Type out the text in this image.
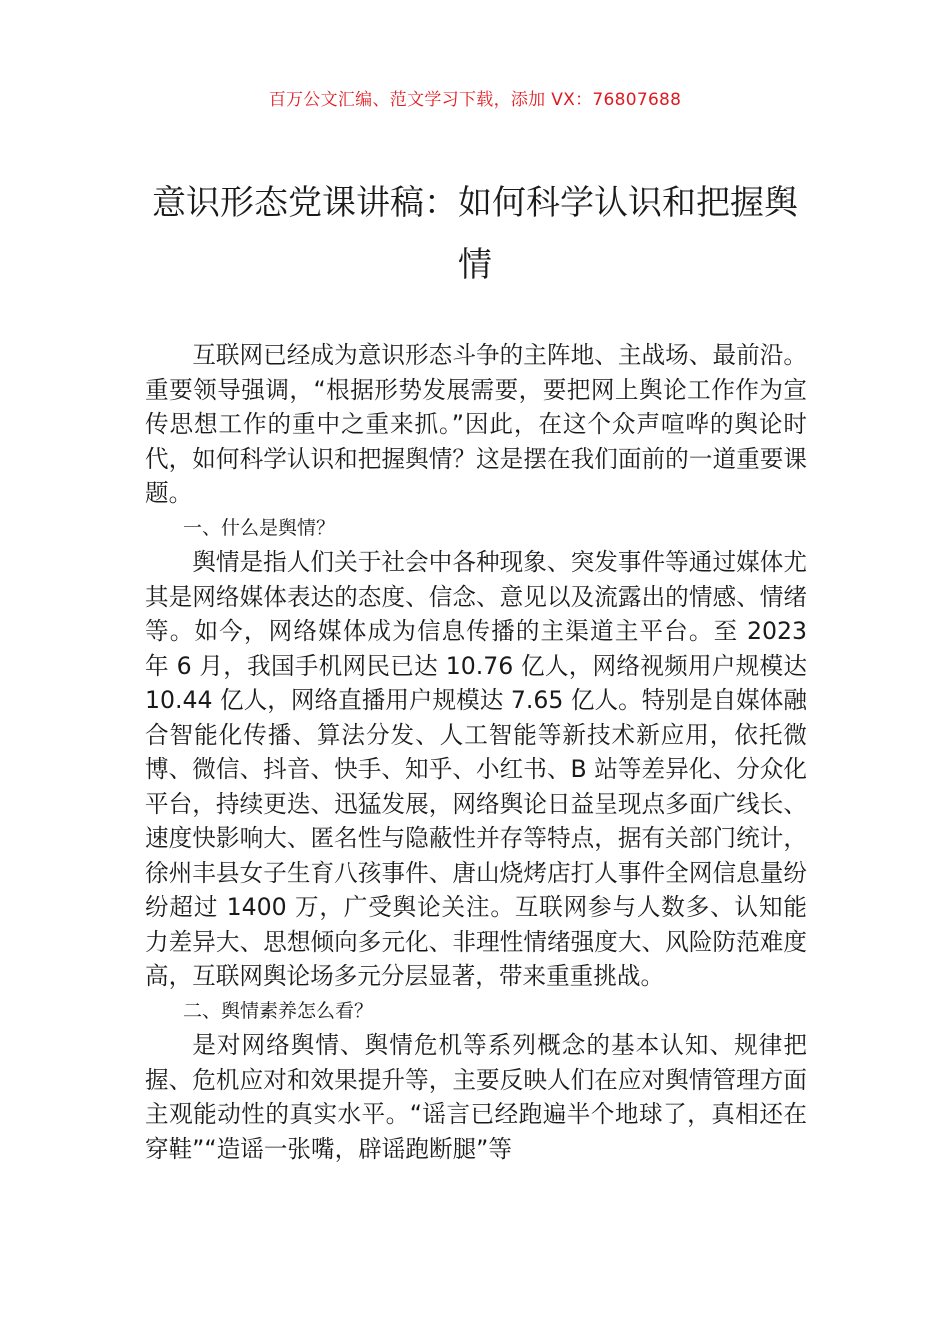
百万公文汇编、范文学习下载，添加 VX：76807688
意识形态党课讲稿：如何科学认识和把握舆情

互联网已经成为意识形态斗争的主阵地、主战场、最前沿。重要领导强调，“根据形势发展需要，要把网上舆论工作作为宣传思想工作的重中之重来抓。”因此，在这个众声喧哗的舆论时代，如何科学认识和把握舆情？这是摆在我们面前的一道重要课题。

一、什么是舆情？

舆情是指人们关于社会中各种现象、突发事件等通过媒体尤其是网络媒体表达的态度、信念、意见以及流露出的情感、情绪等。如今，网络媒体成为信息传播的主渠道主平台。至 2023 年 6 月，我国手机网民已达 10.76 亿人，网络视频用户规模达 10.44 亿人，网络直播用户规模达 7.65 亿人。特别是自媒体融合智能化传播、算法分发、人工智能等新技术新应用，依托微博、微信、抖音、快手、知乎、小红书、B 站等差异化、分众化平台，持续更迭、迅猛发展，网络舆论日益呈现点多面广线长、速度快影响大、匿名性与隐蔽性并存等特点，据有关部门统计，徐州丰县女子生育八孩事件、唐山烧烤店打人事件全网信息量纷纷超过 1400 万，广受舆论关注。互联网参与人数多、认知能力差异大、思想倾向多元化、非理性情绪强度大、风险防范难度高，互联网舆论场多元分层显著，带来重重挑战。

二、舆情素养怎么看？

是对网络舆情、舆情危机等系列概念的基本认知、规律把握、危机应对和效果提升等，主要反映人们在应对舆情管理方面主观能动性的真实水平。“谣言已经跑遍半个地球了，真相还在穿鞋”“造谣一张嘴，辟谣跑断腿”等
